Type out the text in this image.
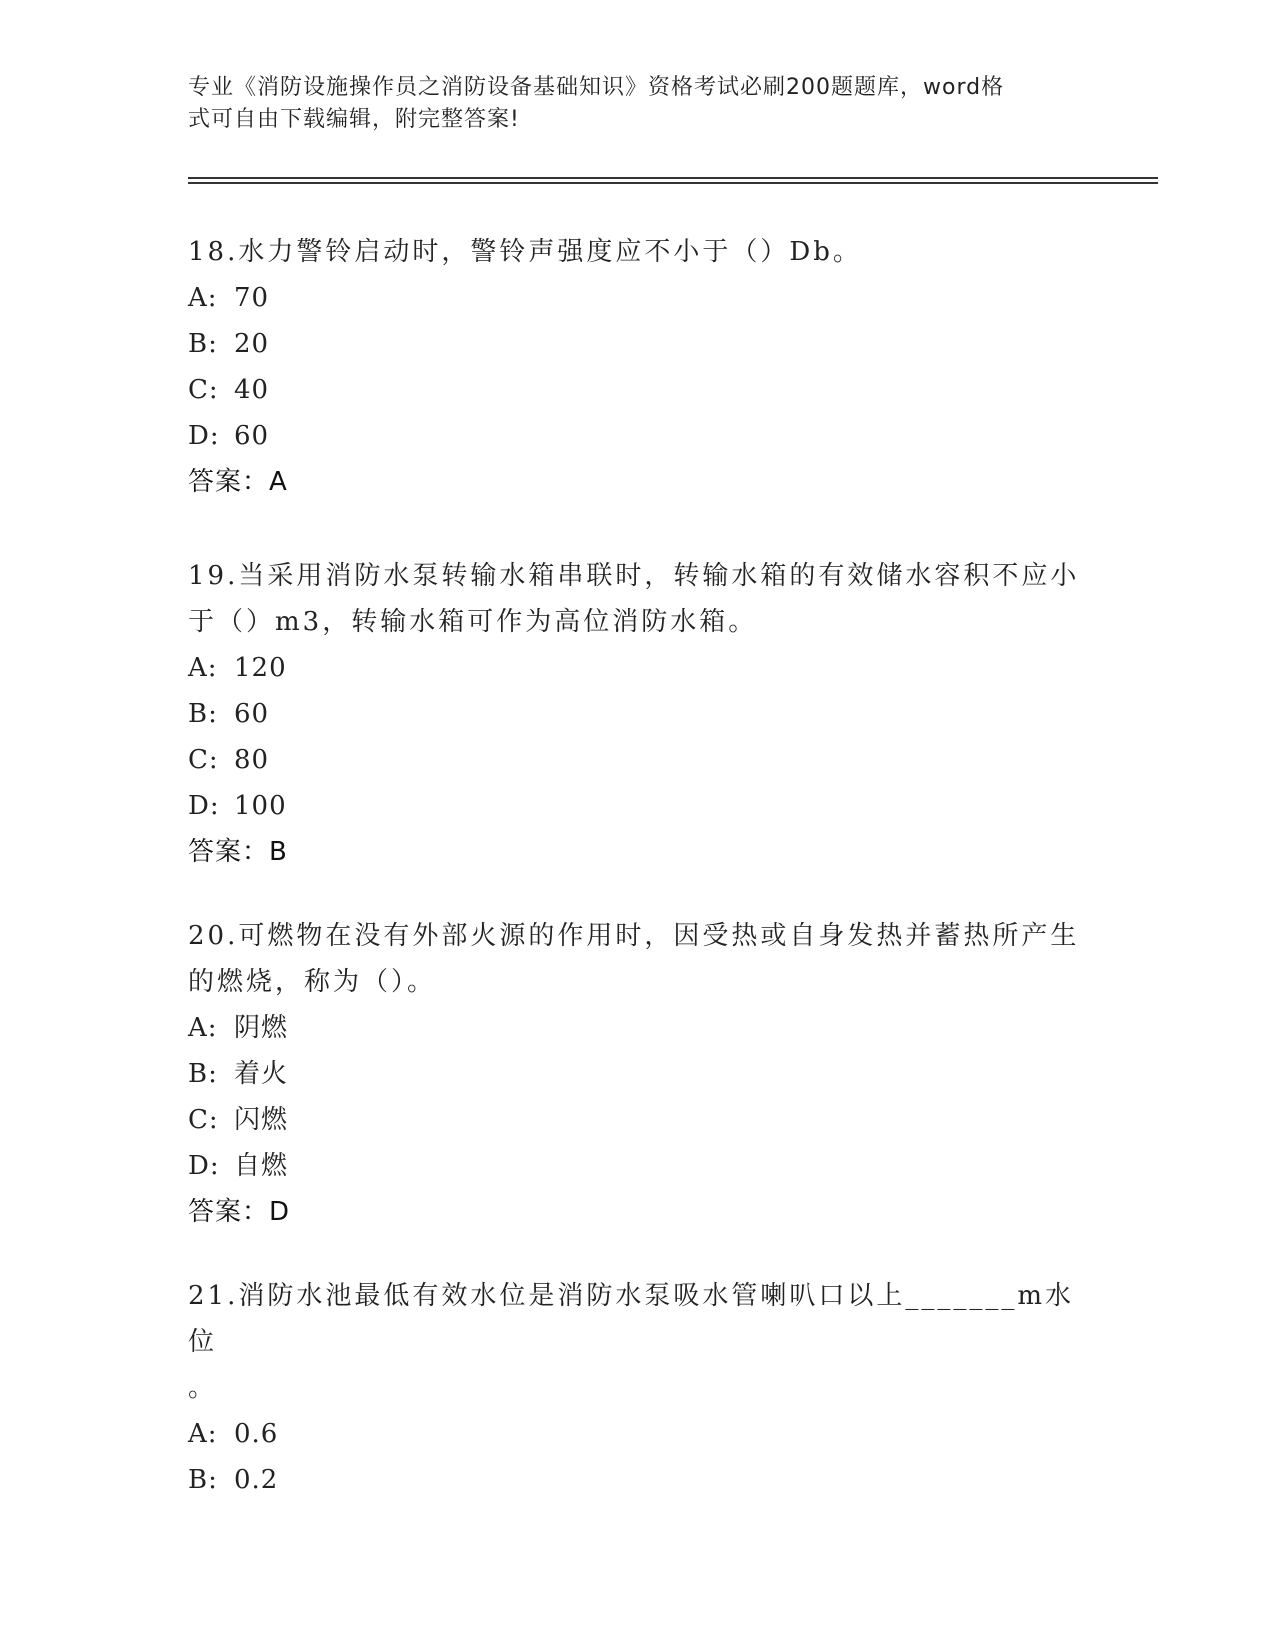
专业《消防设施操作员之消防设备基础知识》资格考试必刷200题题库，word格
式可自由下载编辑，附完整答案!

18.水力警铃启动时，警铃声强度应不小于（）Db。

A: 70

B: 20

C: 40

D: 60

答案：A

19.当采用消防水泵转输水箱串联时，转输水箱的有效储水容积不应小

于（）m3，转输水箱可作为高位消防水箱。

A: 120

B: 60

C: 80

D: 100

答案：B

20.可燃物在没有外部火源的作用时，因受热或自身发热并蓄热所产生

的燃烧，称为（）。

A: 阴燃

B: 着火

C: 闪燃

D: 自燃

答案：D

21.消防水池最低有效水位是消防水泵吸水管喇叭口以上_______m水位

。

A: 0.6

B: 0.2
